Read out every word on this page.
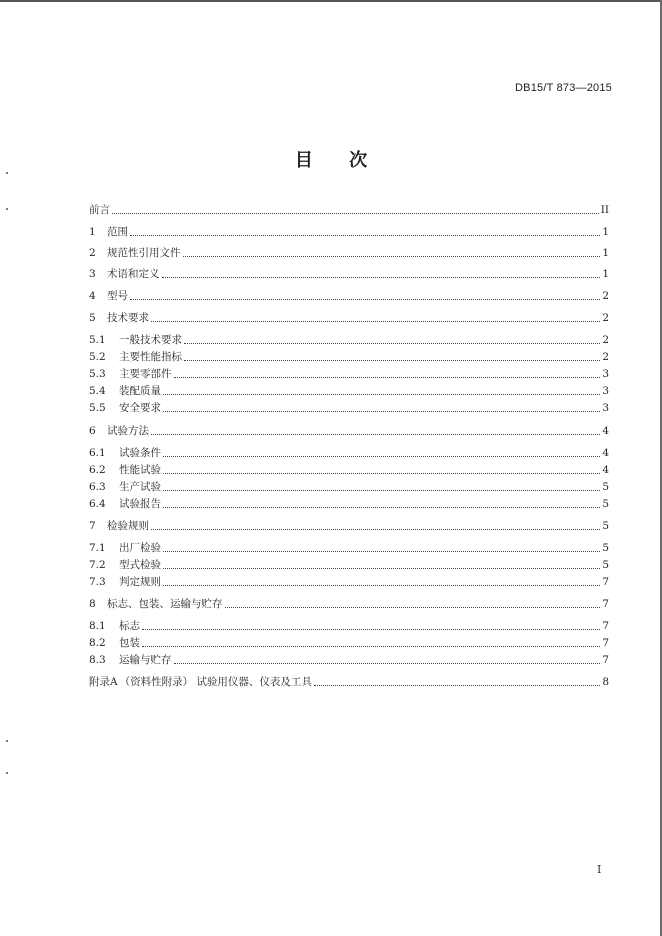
DB15/T 873—2015
目 次
前言	II
1	范围	1
2	规范性引用文件	1
3	术语和定义	1
4	型号	2
5	技术要求	2
5.1	一般技术要求	2
5.2	主要性能指标	2
5.3	主要零部件	3
5.4	装配质量	3
5.5	安全要求	3
6	试验方法	4
6.1	试验条件	4
6.2	性能试验	4
6.3	生产试验	5
6.4	试验报告	5
7	检验规则	5
7.1	出厂检验	5
7.2	型式检验	5
7.3	判定规则	7
8	标志、包装、运输与贮存	7
8.1	标志	7
8.2	包装	7
8.3	运输与贮存	7
附录A （资料性附录） 试验用仪器、仪表及工具	8
I
